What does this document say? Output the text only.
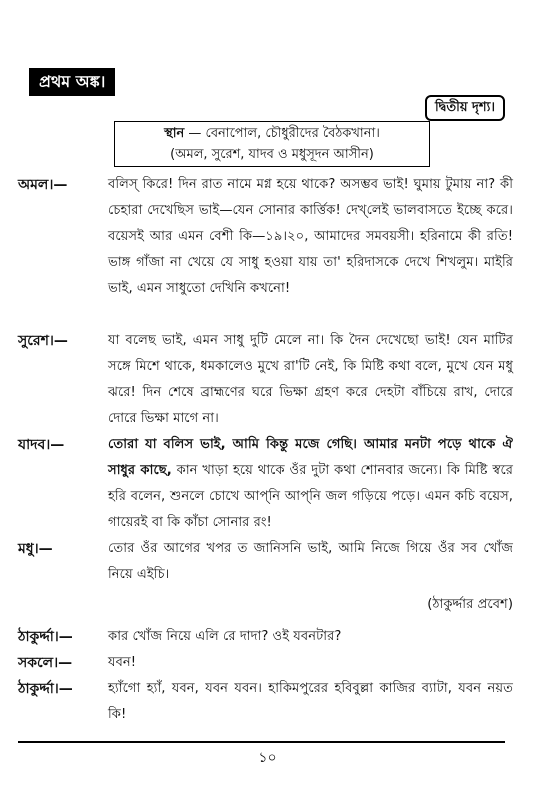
প্রথম অঙ্ক।
দ্বিতীয় দৃশ্য।
স্থান — বেনাপোল, চৌধুরীদের বৈঠকখানা।
(অমল, সুরেশ, যাদব ও মধুসূদন আসীন)
অমল।—	বলিস্ কিরে! দিন রাত নামে মগ্ন হয়ে থাকে? অসম্ভব ভাই! ঘুমায় টুমায় না? কী চেহারা দেখেছিস ভাই—যেন সোনার কার্ত্তিক! দেখ্‌লেই ভালবাসতে ইচ্ছে করে। বয়েসই আর এমন বেশী কি—১৯।২০, আমাদের সমবয়সী। হরিনামে কী রতি! ভাঙ্গ গাঁজা না খেয়ে যে সাধু হওয়া যায় তা' হরিদাসকে দেখে শিখলুম। মাইরি ভাই, এমন সাধুতো দেখিনি কখনো!
সুরেশ।—	যা বলেছ ভাই, এমন সাধু দুটি মেলে না। কি দৈন দেখেছো ভাই! যেন মাটির সঙ্গে মিশে থাকে, ধমকালেও মুখে রা'টি নেই, কি মিষ্টি কথা বলে, মুখে যেন মধু ঝরে! দিন শেষে ব্রাহ্মণের ঘরে ভিক্ষা গ্রহণ করে দেহটা বাঁচিয়ে রাখ, দোরে দোরে ভিক্ষা মাগে না।
যাদব।—	তোরা যা বলিস ভাই, আমি কিন্তু মজে গেছি। আমার মনটা পড়ে থাকে ঐ সাধুর কাছে, কান খাড়া হয়ে থাকে ওঁর দুটা কথা শোনবার জন্যে। কি মিষ্টি স্বরে হরি বলেন, শুনলে চোখে আপ্‌নি আপ্‌নি জল গড়িয়ে পড়ে। এমন কচি বয়েস, গায়েরই বা কি কাঁচা সোনার রং!
মধু।—	তোর ওঁর আগের খপর ত জানিসনি ভাই, আমি নিজে গিয়ে ওঁর সব খোঁজ নিয়ে এইচি।
(ঠাকুর্দ্দার প্রবেশ)
ঠাকুর্দ্দা।—	কার খোঁজ নিয়ে এলি রে দাদা? ওই যবনটার?
সকলে।—	যবন!
ঠাকুর্দ্দা।—	হ্যাঁগো হ্যাঁ, যবন, যবন যবন। হাকিমপুরের হবিবুল্লা কাজির ব্যাটা, যবন নয়ত কি!
১০
